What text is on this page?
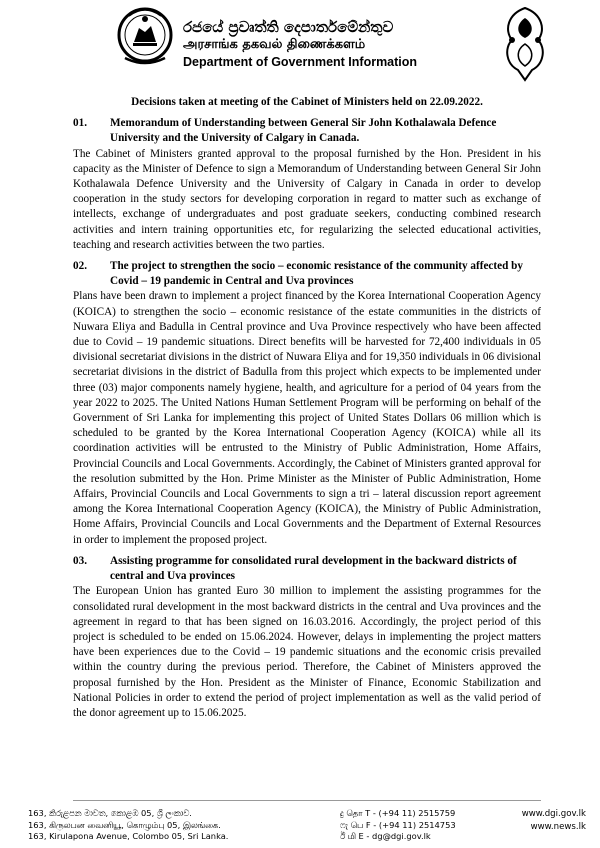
රජයේ ප්‍රවෘත්ති දෙපාර්තමේන්තුව
அரசாங்க தகவல் திணைக்களம்
Department of Government Information
Decisions taken at meeting of the Cabinet of Ministers held on 22.09.2022.
01.	Memorandum of Understanding between General Sir John Kothalawala Defence University and the University of Calgary in Canada.

The Cabinet of Ministers granted approval to the proposal furnished by the Hon. President in his capacity as the Minister of Defence to sign a Memorandum of Understanding between General Sir John Kothalawala Defence University and the University of Calgary in Canada in order to develop cooperation in the study sectors for developing corporation in regard to matter such as exchange of intellects, exchange of undergraduates and post graduate seekers, conducting combined research activities and intern training opportunities etc, for regularizing the selected educational activities, teaching and research activities between the two parties.

02.	The project to strengthen the socio – economic resistance of the community affected by Covid – 19 pandemic in Central and Uva provinces

Plans have been drawn to implement a project financed by the Korea International Cooperation Agency (KOICA) to strengthen the socio – economic resistance of the estate communities in the districts of Nuwara Eliya and Badulla in Central province and Uva Province respectively who have been affected due to Covid – 19 pandemic situations. Direct benefits will be harvested for 72,400 individuals in 05 divisional secretariat divisions in the district of Nuwara Eliya and for 19,350 individuals in 06 divisional secretariat divisions in the district of Badulla from this project which expects to be implemented under three (03) major components namely hygiene, health, and agriculture for a period of 04 years from the year 2022 to 2025. The United Nations Human Settlement Program will be performing on behalf of the Government of Sri Lanka for implementing this project of United States Dollars 06 million which is scheduled to be granted by the Korea International Cooperation Agency (KOICA) while all its coordination activities will be entrusted to the Ministry of Public Administration, Home Affairs, Provincial Councils and Local Governments. Accordingly, the Cabinet of Ministers granted approval for the resolution submitted by the Hon. Prime Minister as the Minister of Public Administration, Home Affairs, Provincial Councils and Local Governments to sign a tri – lateral discussion report agreement among the Korea International Cooperation Agency (KOICA), the Ministry of Public Administration, Home Affairs, Provincial Councils and Local Governments and the Department of External Resources in order to implement the proposed project.

03.	Assisting programme for consolidated rural development in the backward districts of central and Uva provinces

The European Union has granted Euro 30 million to implement the assisting programmes for the consolidated rural development in the most backward districts in the central and Uva provinces and the agreement in regard to that has been signed on 16.03.2016. Accordingly, the project period of this project is scheduled to be ended on 15.06.2024. However, delays in implementing the project matters have been experiences due to the Covid – 19 pandemic situations and the economic crisis prevailed within the country during the previous period. Therefore, the Cabinet of Ministers approved the proposal furnished by the Hon. President as the Minister of Finance, Economic Stabilization and National Policies in order to extend the period of project implementation as well as the valid period of the donor agreement up to 15.06.2025.

163, කිරුළපන මාවත, කොළඹ 05, ශ්‍රී ලංකාව.
163, கிருலபன வைனியூ, கொழும்பு 05, இலங்கை.
163, Kirulapona Avenue, Colombo 05, Sri Lanka.
දු தொ T - (+94 11) 2515759
ෆැ பெ F - (+94 11) 2514753
ඊ மி E - dg@dgi.gov.lk
www.dgi.gov.lk
www.news.lk
